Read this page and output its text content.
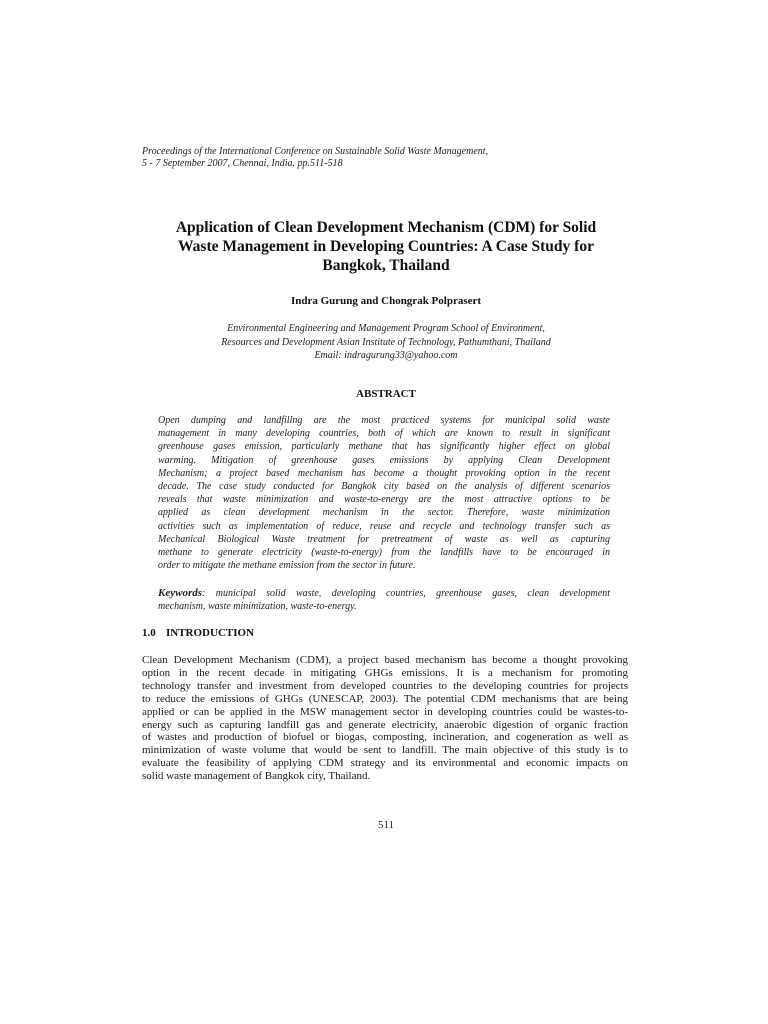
Proceedings of the International Conference on Sustainable Solid Waste Management,
5 - 7 September 2007, Chennai, India. pp.511-518
Application of Clean Development Mechanism (CDM) for Solid
Waste Management in Developing Countries: A Case Study for
Bangkok, Thailand
Indra Gurung and Chongrak Polprasert
Environmental Engineering and Management Program School of Environment,
Resources and Development Asian Institute of Technology, Pathumthani, Thailand
Email: indragurung33@yahoo.com
ABSTRACT
Open dumping and landfillng are the most practiced systems for municipal solid waste
management in many developing countries, both of which are known to result in significant
greenhouse gases emission, particularly methane that has significantly higher effect on global
warming. Mitigation of greenhouse gases emissions by applying Clean Development
Mechanism; a project based mechanism has become a thought provoking option in the recent
decade. The case study conducted for Bangkok city based on the analysis of different scenarios
reveals that waste minimization and waste-to-energy are the most attractive options to be
applied as clean development mechanism in the sector. Therefore, waste minimization
activities such as implementation of reduce, reuse and recycle and technology transfer such as
Mechanical Biological Waste treatment for pretreatment of waste as well as capturing
methane to generate electricity (waste-to-energy) from the landfills have to be encouraged in
order to mitigate the methane emission from the sector in future.
Keywords: municipal solid waste, developing countries, greenhouse gases, clean development
mechanism, waste minimization, waste-to-energy.
1.0 INTRODUCTION
Clean Development Mechanism (CDM), a project based mechanism has become a thought provoking
option in the recent decade in mitigating GHGs emissions. It is a mechanism for promoting
technology transfer and investment from developed countries to the developing countries for projects
to reduce the emissions of GHGs (UNESCAP, 2003). The potential CDM mechanisms that are being
applied or can be applied in the MSW management sector in developing countries could be wastes-to-
energy such as capturing landfill gas and generate electricity, anaerobic digestion of organic fraction
of wastes and production of biofuel or biogas, composting, incineration, and cogeneration as well as
minimization of waste volume that would be sent to landfill. The main objective of this study is to
evaluate the feasibility of applying CDM strategy and its environmental and economic impacts on
solid waste management of Bangkok city, Thailand.
511
